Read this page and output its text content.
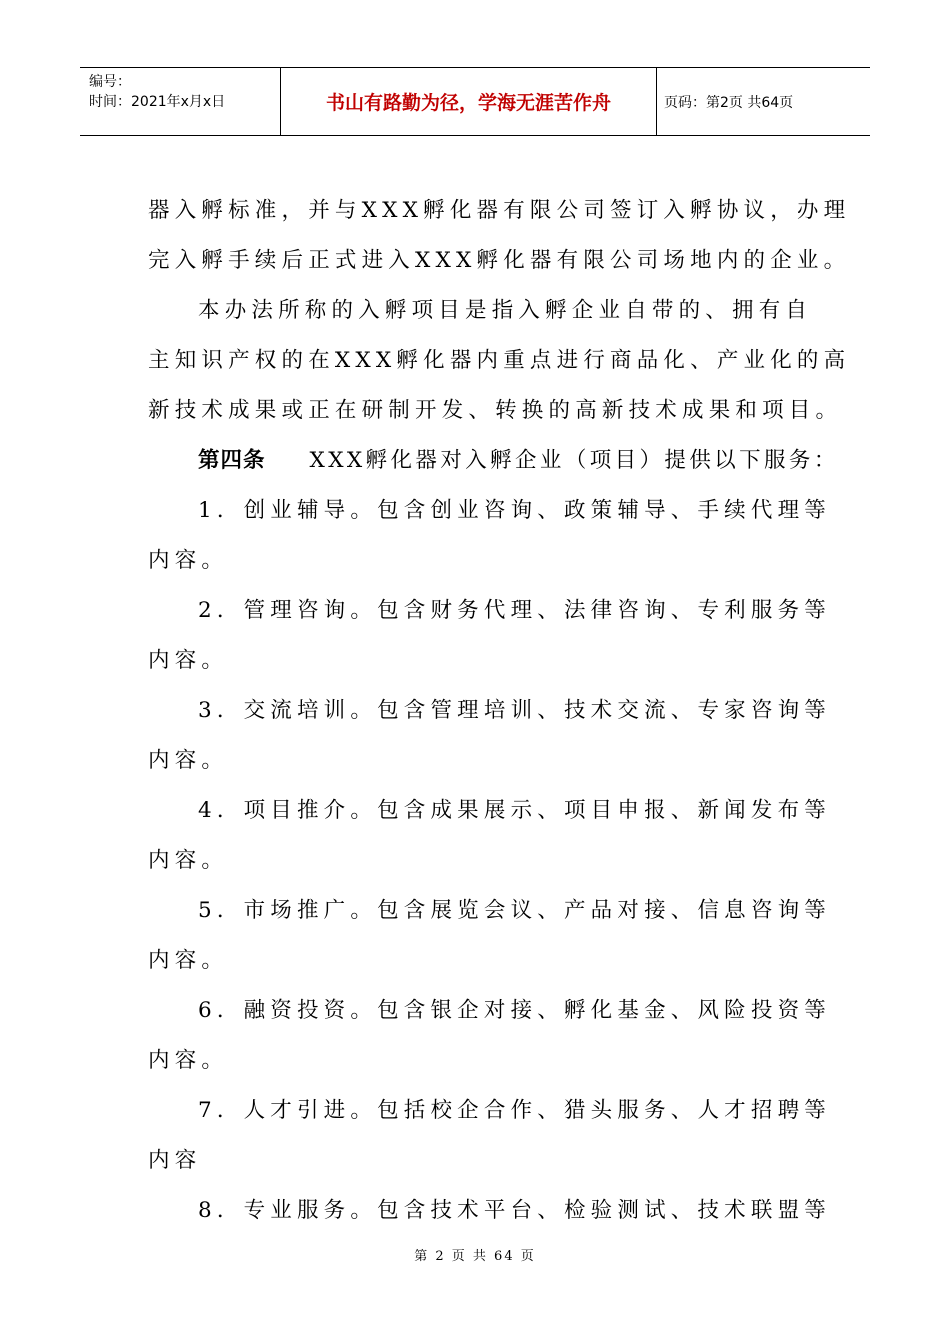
编号：
时间：2021年x月x日	书山有路勤为径，学海无涯苦作舟	页码：第2页 共64页
器入孵标准，并与XXX孵化器有限公司签订入孵协议，办理
完入孵手续后正式进入XXX孵化器有限公司场地内的企业。
本办法所称的入孵项目是指入孵企业自带的、拥有自
主知识产权的在XXX孵化器内重点进行商品化、产业化的高
新技术成果或正在研制开发、转换的高新技术成果和项目。
第四条 XXX孵化器对入孵企业（项目）提供以下服务：
1．创业辅导。包含创业咨询、政策辅导、手续代理等
内容。
2．管理咨询。包含财务代理、法律咨询、专利服务等
内容。
3．交流培训。包含管理培训、技术交流、专家咨询等
内容。
4．项目推介。包含成果展示、项目申报、新闻发布等
内容。
5．市场推广。包含展览会议、产品对接、信息咨询等
内容。
6．融资投资。包含银企对接、孵化基金、风险投资等
内容。
7．人才引进。包括校企合作、猎头服务、人才招聘等
内容
8．专业服务。包含技术平台、检验测试、技术联盟等
第 2 页 共 64 页
